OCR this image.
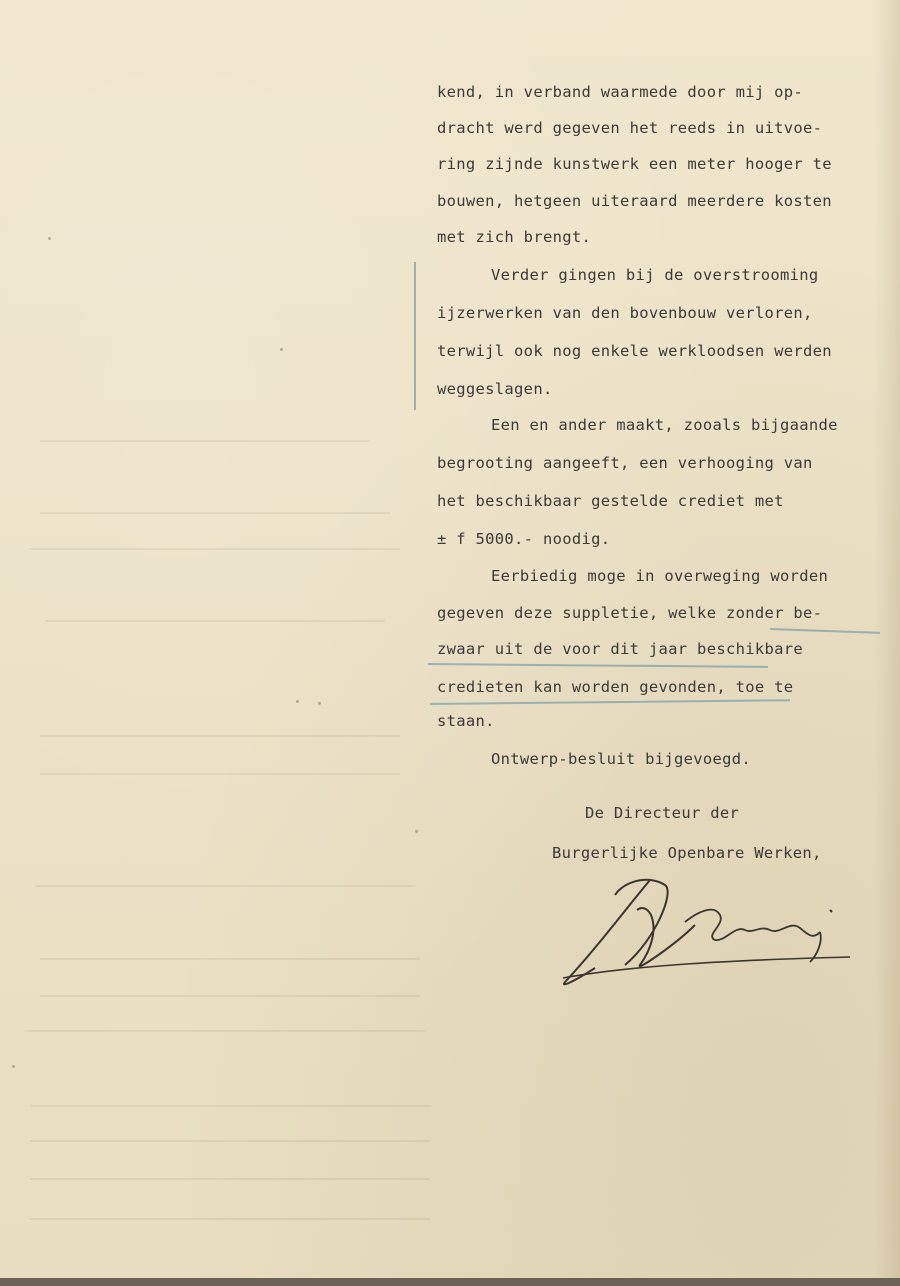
kend, in verband waarmede door mij op-
dracht werd gegeven het reeds in uitvoe-
ring zijnde kunstwerk een meter hooger te
bouwen, hetgeen uiteraard meerdere kosten
met zich brengt.
Verder gingen bij de overstrooming
ijzerwerken van den bovenbouw verloren,
terwijl ook nog enkele werkloodsen werden
weggeslagen.
Een en ander maakt, zooals bijgaande
begrooting aangeeft, een verhooging van
het beschikbaar gestelde crediet met
± f 5000.- noodig.
Eerbiedig moge in overweging worden
gegeven deze suppletie, welke zonder be-
zwaar uit de voor dit jaar beschikbare
credieten kan worden gevonden, toe te
staan.
Ontwerp-besluit bijgevoegd.
De Directeur der
Burgerlijke Openbare Werken,
